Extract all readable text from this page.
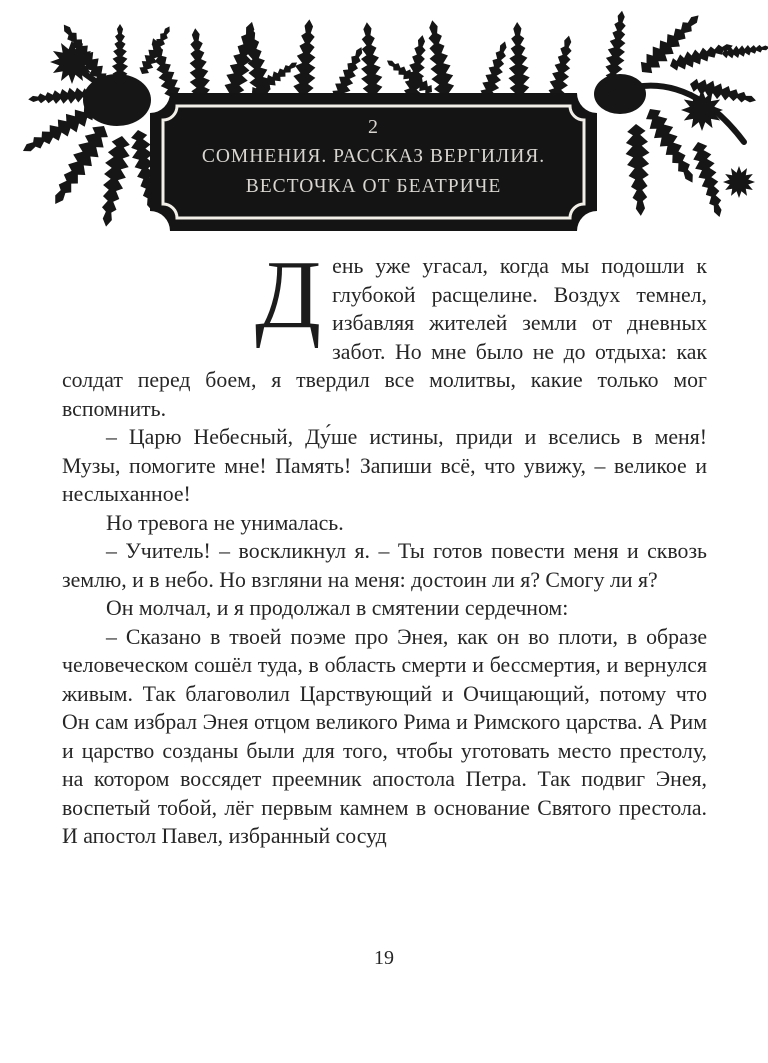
2
СОМНЕНИЯ. РАССКАЗ ВЕРГИЛИЯ.
ВЕСТОЧКА ОТ БЕАТРИЧЕ

День уже угасал, когда мы подошли к глубокой расщелине. Воздух темнел, избавляя жителей земли от дневных забот. Но мне было не до отдыха: как солдат перед боем, я твердил все молитвы, какие только мог вспомнить.

– Царю Небесный, Ду́ше истины, приди и вселись в меня! Музы, помогите мне! Память! Запиши всё, что увижу, – великое и неслыханное!

Но тревога не унималась.

– Учитель! – воскликнул я. – Ты готов повести меня и сквозь землю, и в небо. Но взгляни на меня: достоин ли я? Смогу ли я?

Он молчал, и я продолжал в смятении сердечном:

– Сказано в твоей поэме про Энея, как он во плоти, в образе человеческом сошёл туда, в область смерти и бессмертия, и вернулся живым. Так благоволил Царствующий и Очищающий, потому что Он сам избрал Энея отцом великого Рима и Римского царства. А Рим и царство созданы были для того, чтобы уготовать место престолу, на котором воссядет преемник апостола Петра. Так подвиг Энея, воспетый тобой, лёг первым камнем в основание Святого престола. И апостол Павел, избранный сосуд

19
